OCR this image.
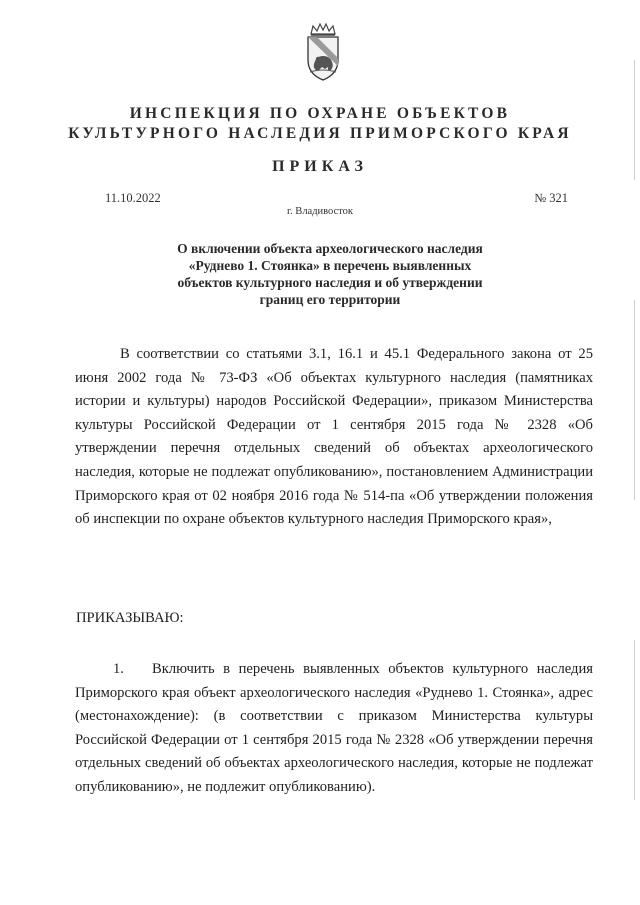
ИНСПЕКЦИЯ ПО ОХРАНЕ ОБЪЕКТОВ
КУЛЬТУРНОГО НАСЛЕДИЯ ПРИМОРСКОГО КРАЯ
ПРИКАЗ
11.10.2022	№ 321
г. Владивосток
О включении объекта археологического наследия
«Руднево 1. Стоянка» в перечень выявленных
объектов культурного наследия и об утверждении
границ его территории
В соответствии со статьями 3.1, 16.1 и 45.1 Федерального закона от 25 июня 2002 года № 73-ФЗ «Об объектах культурного наследия (памятниках истории и культуры) народов Российской Федерации», приказом Министерства культуры Российской Федерации от 1 сентября 2015 года № 2328 «Об утверждении перечня отдельных сведений об объектах археологического наследия, которые не подлежат опубликованию», постановлением Администрации Приморского края от 02 ноября 2016 года № 514-па «Об утверждении положения об инспекции по охране объектов культурного наследия Приморского края»,
ПРИКАЗЫВАЮ:
1. Включить в перечень выявленных объектов культурного наследия Приморского края объект археологического наследия «Руднево 1. Стоянка», адрес (местонахождение): (в соответствии с приказом Министерства культуры Российской Федерации от 1 сентября 2015 года № 2328 «Об утверждении перечня отдельных сведений об объектах археологического наследия, которые не подлежат опубликованию», не подлежит опубликованию).
